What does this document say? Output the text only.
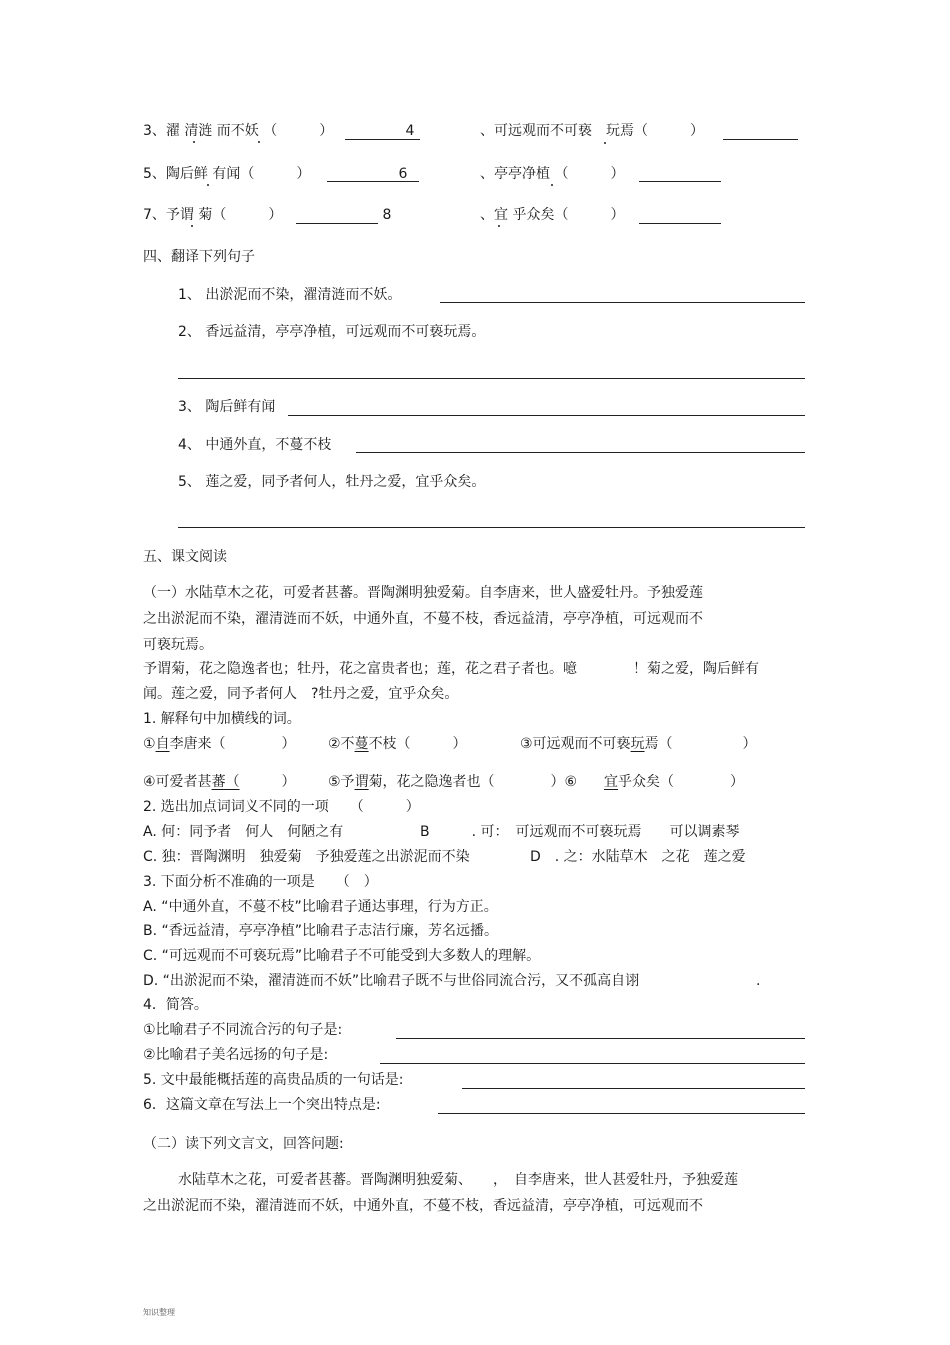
3、濯 清涟 而不妖 （　　　）	4	、可远观而不可亵　玩焉（　　　）
5、陶后鲜 有闻（　　　）	6	、亭亭净植 （　　　）
7、予谓 菊（　　　）	8	、宜 乎众矣（　　　）
四、翻译下列句子
1、 出淤泥而不染，濯清涟而不妖。
2、 香远益清，亭亭净植，可远观而不可亵玩焉。
3、 陶后鲜有闻
4、 中通外直，不蔓不枝
5、 莲之爱，同予者何人，牡丹之爱，宜乎众矣。
五、课文阅读
（一）水陆草木之花，可爱者甚蕃。晋陶渊明独爱菊。自李唐来，世人盛爱牡丹。予独爱莲
之出淤泥而不染，濯清涟而不妖，中通外直，不蔓不枝，香远益清，亭亭净植，可远观而不
可亵玩焉。
予谓菊，花之隐逸者也；牡丹，花之富贵者也；莲，花之君子者也。噫　　　　！菊之爱，陶后鲜有
闻。莲之爱，同予者何人　?牡丹之爱，宜乎众矣。
1. 解释句中加横线的词。
①自李唐来（　　　　） ②不蔓不枝（　　　）	③可远观而不可亵玩焉（　　　　　）
④可爱者甚蕃（　　　） ⑤予谓菊，花之隐逸者也（　　　　）⑥ 宜乎众矣（　　　　）
2. 选出加点词词义不同的一项　　（　　　）
A. 何：同予者　何人　何陋之有	B　　　. 可：　可远观而不可亵玩焉　　可以调素琴
C. 独：晋陶渊明　独爱菊　予独爱莲之出淤泥而不染	D　. 之：水陆草木　之花　莲之爱
3. 下面分析不准确的一项是　　（　）
A. “中通外直，不蔓不枝”比喻君子通达事理，行为方正。
B. “香远益清，亭亭净植”比喻君子志洁行廉，芳名远播。
C. “可远观而不可亵玩焉”比喻君子不可能受到大多数人的理解。
D. “出淤泥而不染，濯清涟而不妖”比喻君子既不与世俗同流合污，又不孤高自诩	.
4．简答。
①比喻君子不同流合污的句子是:
②比喻君子美名远扬的句子是:
5. 文中最能概括莲的高贵品质的一句话是:
6．这篇文章在写法上一个突出特点是:
（二）读下列文言文，回答问题:
水陆草木之花，可爱者甚蕃。晋陶渊明独爱菊、　　，　自李唐来，世人甚爱牡丹，予独爱莲
之出淤泥而不染，濯清涟而不妖，中通外直，不蔓不枝，香远益清，亭亭净植，可远观而不
知识整理
